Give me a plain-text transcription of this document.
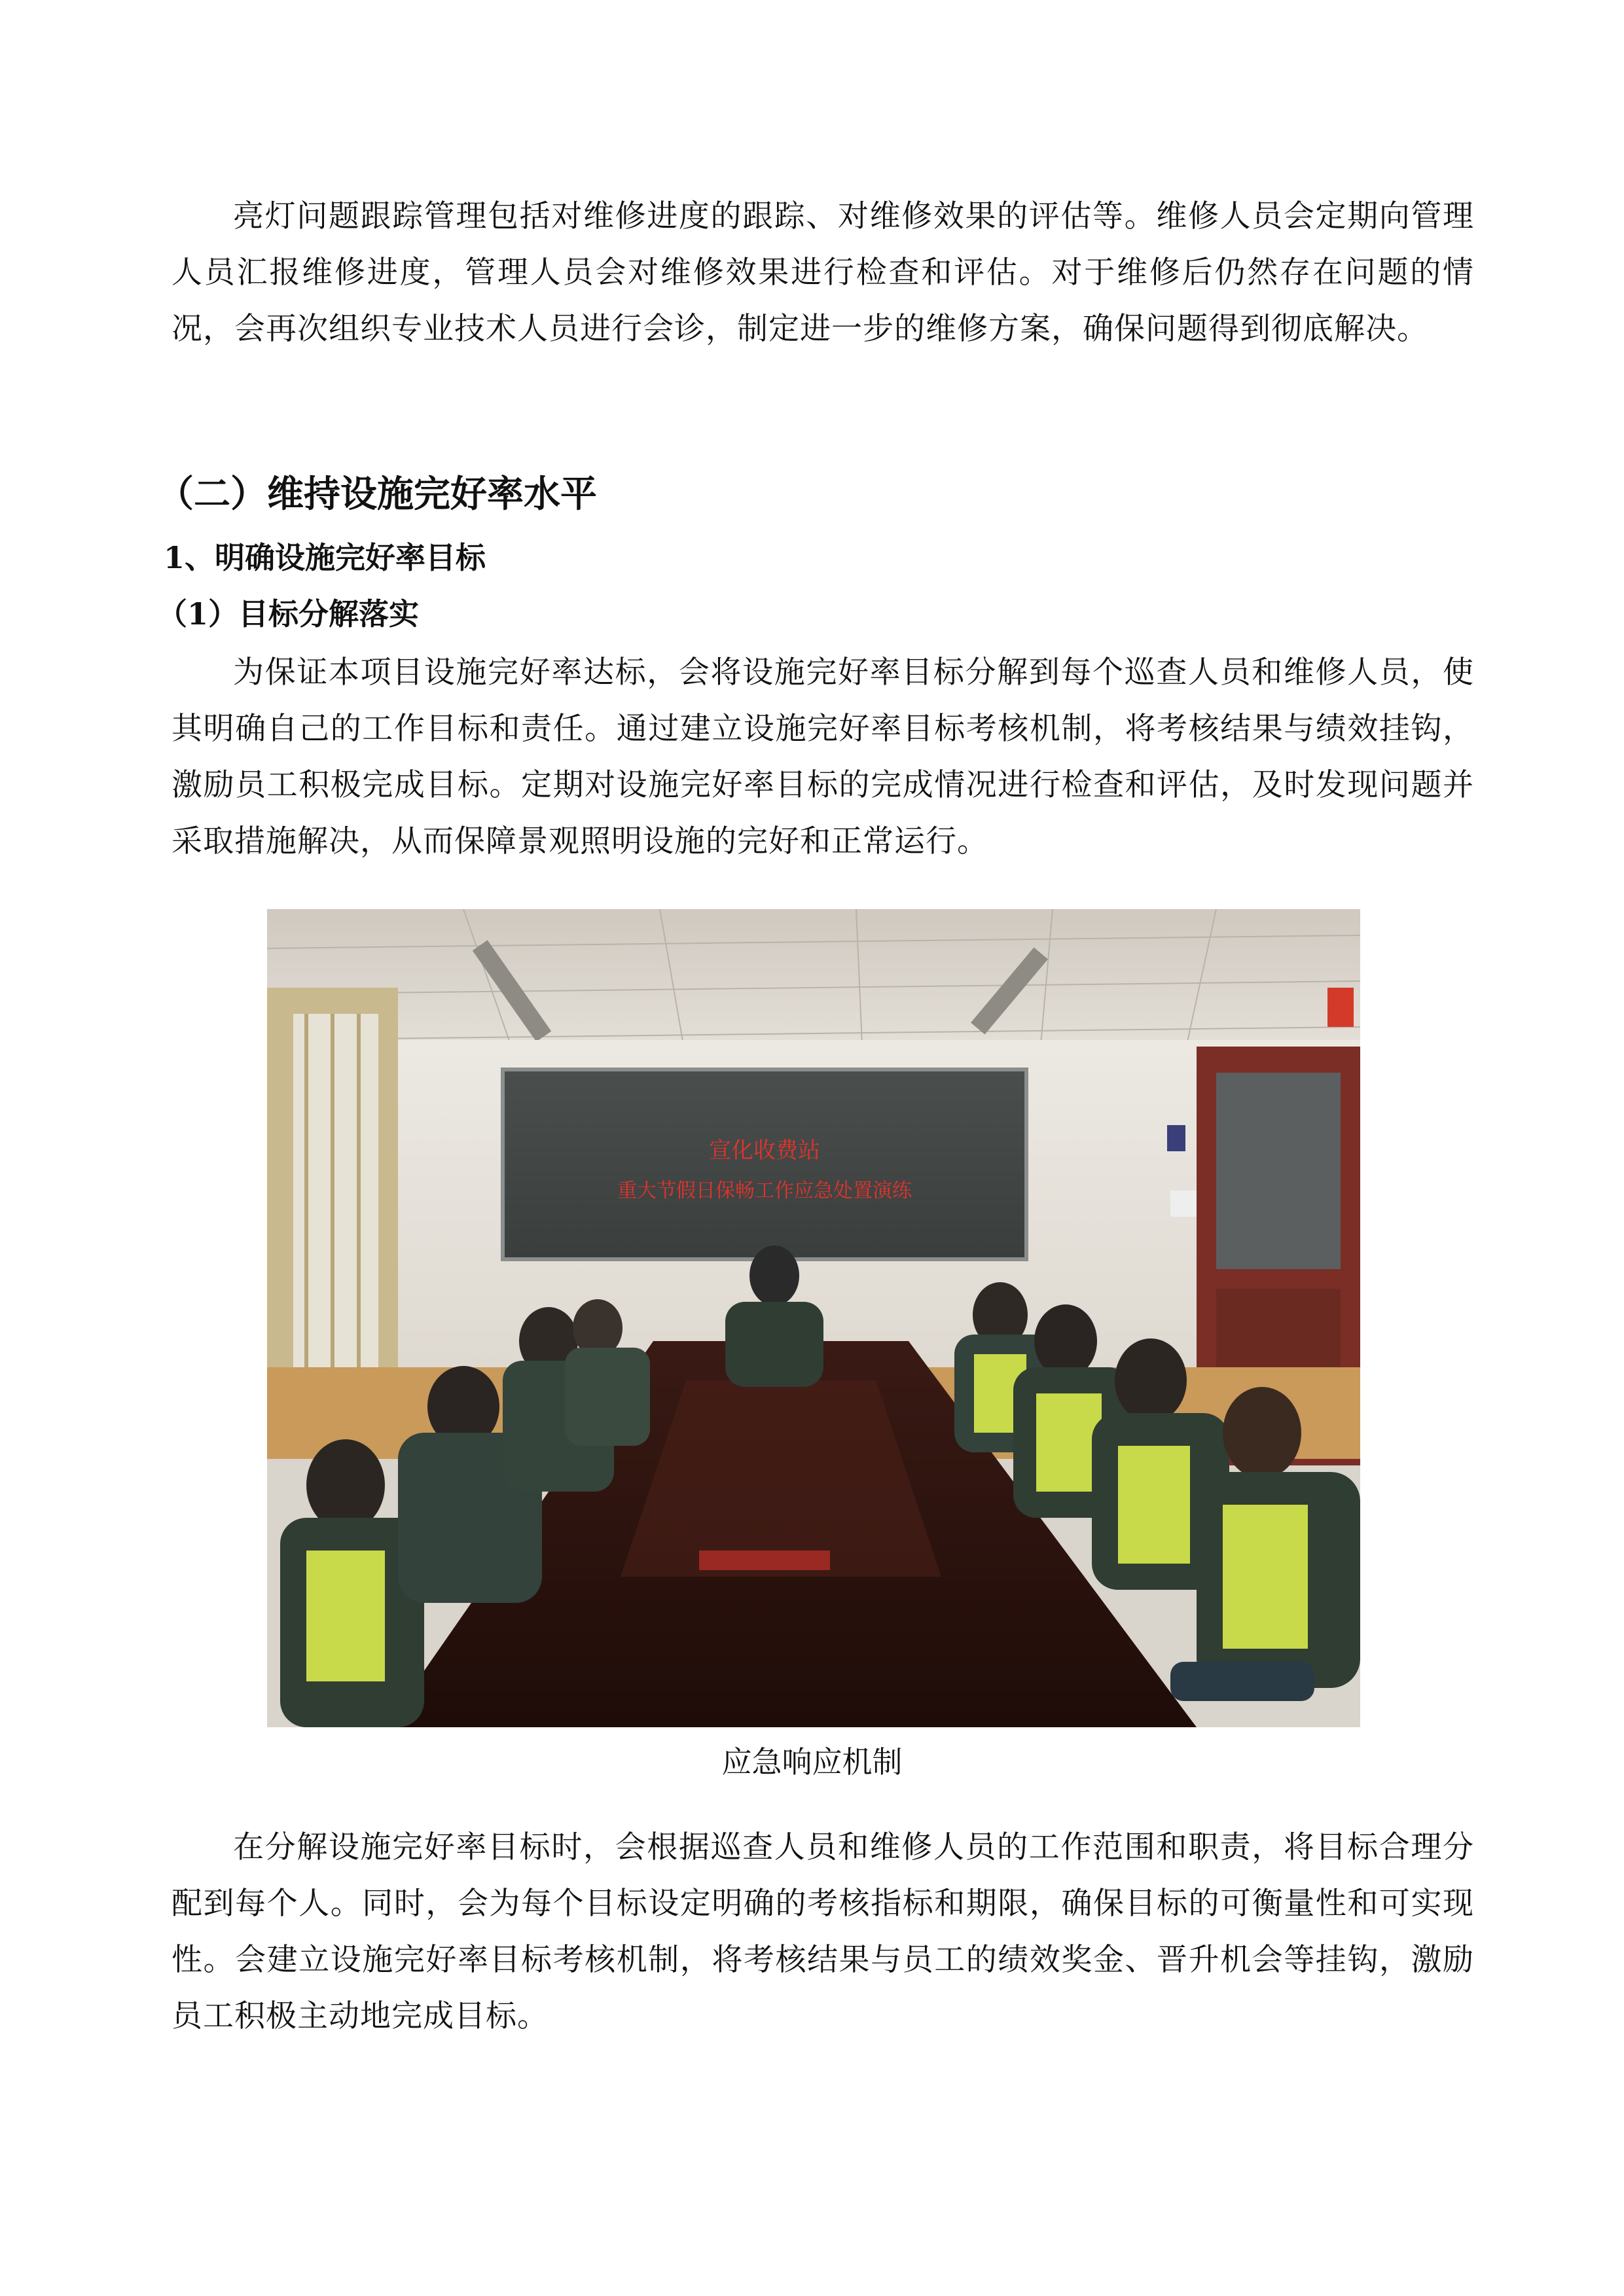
亮灯问题跟踪管理包括对维修进度的跟踪、对维修效果的评估等。维修人员会定期向管理人员汇报维修进度，管理人员会对维修效果进行检查和评估。对于维修后仍然存在问题的情况，会再次组织专业技术人员进行会诊，制定进一步的维修方案，确保问题得到彻底解决。

（二）维持设施完好率水平
1、明确设施完好率目标
（1）目标分解落实

为保证本项目设施完好率达标，会将设施完好率目标分解到每个巡查人员和维修人员，使其明确自己的工作目标和责任。通过建立设施完好率目标考核机制，将考核结果与绩效挂钩，激励员工积极完成目标。定期对设施完好率目标的完成情况进行检查和评估，及时发现问题并采取措施解决，从而保障景观照明设施的完好和正常运行。

宣化收费站
重大节假日保畅工作应急处置演练

应急响应机制

在分解设施完好率目标时，会根据巡查人员和维修人员的工作范围和职责，将目标合理分配到每个人。同时，会为每个目标设定明确的考核指标和期限，确保目标的可衡量性和可实现性。会建立设施完好率目标考核机制，将考核结果与员工的绩效奖金、晋升机会等挂钩，激励员工积极主动地完成目标。
